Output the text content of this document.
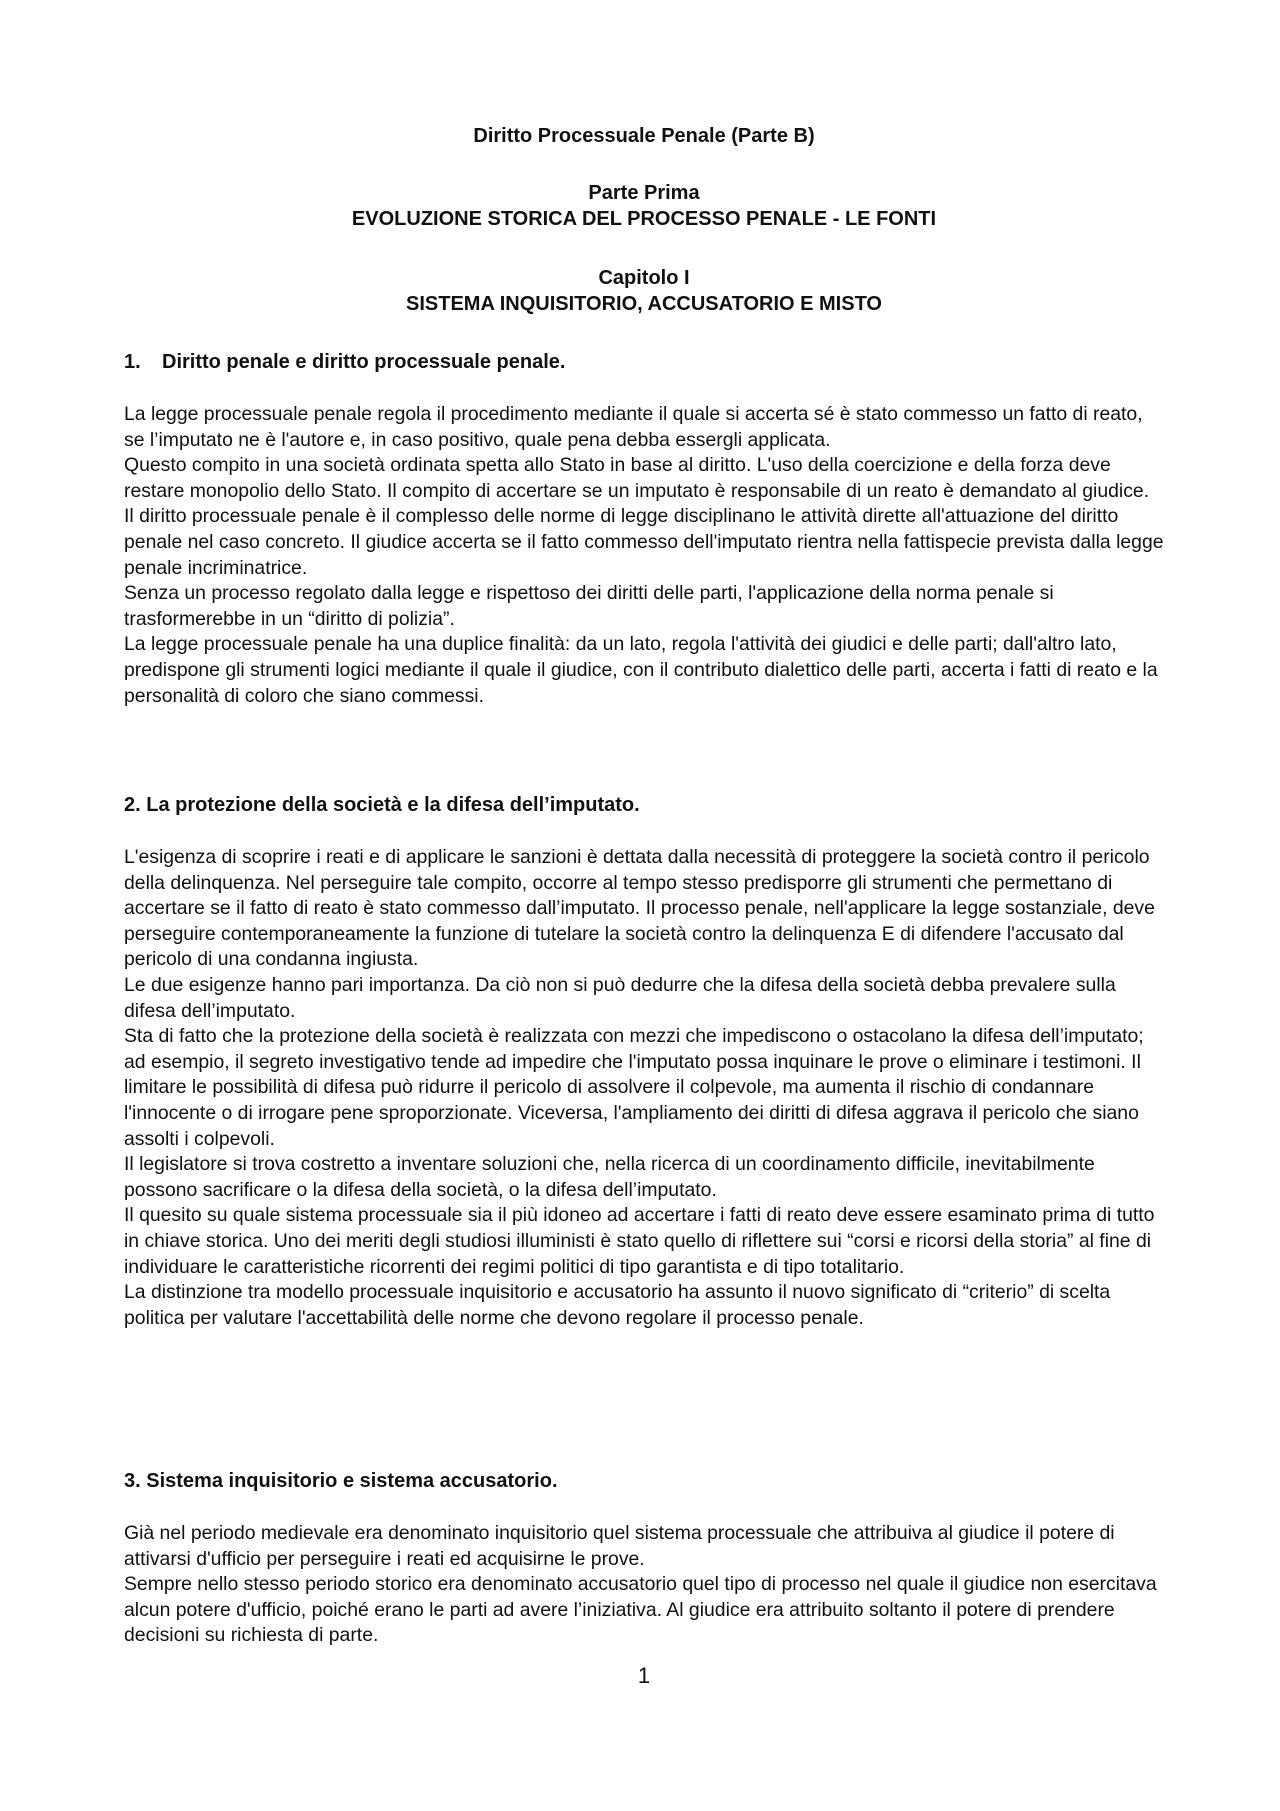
Diritto Processuale Penale (Parte B)
Parte Prima
EVOLUZIONE STORICA DEL PROCESSO PENALE - LE FONTI
Capitolo I
SISTEMA INQUISITORIO, ACCUSATORIO E MISTO
1. Diritto penale e diritto processuale penale.

La legge processuale penale regola il procedimento mediante il quale si accerta sé è stato commesso un fatto di reato, se l’imputato ne è l'autore e, in caso positivo, quale pena debba essergli applicata.

Questo compito in una società ordinata spetta allo Stato in base al diritto. L'uso della coercizione e della forza deve restare monopolio dello Stato. Il compito di accertare se un imputato è responsabile di un reato è demandato al giudice.

Il diritto processuale penale è il complesso delle norme di legge disciplinano le attività dirette all'attuazione del diritto penale nel caso concreto. Il giudice accerta se il fatto commesso dell'imputato rientra nella fattispecie prevista dalla legge penale incriminatrice.

Senza un processo regolato dalla legge e rispettoso dei diritti delle parti, l'applicazione della norma penale si trasformerebbe in un “diritto di polizia”.

La legge processuale penale ha una duplice finalità: da un lato, regola l'attività dei giudici e delle parti; dall'altro lato, predispone gli strumenti logici mediante il quale il giudice, con il contributo dialettico delle parti, accerta i fatti di reato e la personalità di coloro che siano commessi.

2. La protezione della società e la difesa dell’imputato.

L'esigenza di scoprire i reati e di applicare le sanzioni è dettata dalla necessità di proteggere la società contro il pericolo della delinquenza. Nel perseguire tale compito, occorre al tempo stesso predisporre gli strumenti che permettano di accertare se il fatto di reato è stato commesso dall’imputato. Il processo penale, nell'applicare la legge sostanziale, deve perseguire contemporaneamente la funzione di tutelare la società contro la delinquenza E di difendere l'accusato dal pericolo di una condanna ingiusta.

Le due esigenze hanno pari importanza. Da ciò non si può dedurre che la difesa della società debba prevalere sulla difesa dell’imputato.

Sta di fatto che la protezione della società è realizzata con mezzi che impediscono o ostacolano la difesa dell’imputato; ad esempio, il segreto investigativo tende ad impedire che l'imputato possa inquinare le prove o eliminare i testimoni. Il limitare le possibilità di difesa può ridurre il pericolo di assolvere il colpevole, ma aumenta il rischio di condannare l'innocente o di irrogare pene sproporzionate. Viceversa, l'ampliamento dei diritti di difesa aggrava il pericolo che siano assolti i colpevoli.

Il legislatore si trova costretto a inventare soluzioni che, nella ricerca di un coordinamento difficile, inevitabilmente possono sacrificare o la difesa della società, o la difesa dell’imputato.

Il quesito su quale sistema processuale sia il più idoneo ad accertare i fatti di reato deve essere esaminato prima di tutto in chiave storica. Uno dei meriti degli studiosi illuministi è stato quello di riflettere sui “corsi e ricorsi della storia” al fine di individuare le caratteristiche ricorrenti dei regimi politici di tipo garantista e di tipo totalitario.

La distinzione tra modello processuale inquisitorio e accusatorio ha assunto il nuovo significato di “criterio” di scelta politica per valutare l'accettabilità delle norme che devono regolare il processo penale.

3. Sistema inquisitorio e sistema accusatorio.

Già nel periodo medievale era denominato inquisitorio quel sistema processuale che attribuiva al giudice il potere di attivarsi d'ufficio per perseguire i reati ed acquisirne le prove.

Sempre nello stesso periodo storico era denominato accusatorio quel tipo di processo nel quale il giudice non esercitava alcun potere d'ufficio, poiché erano le parti ad avere l’iniziativa. Al giudice era attribuito soltanto il potere di prendere decisioni su richiesta di parte.

1
